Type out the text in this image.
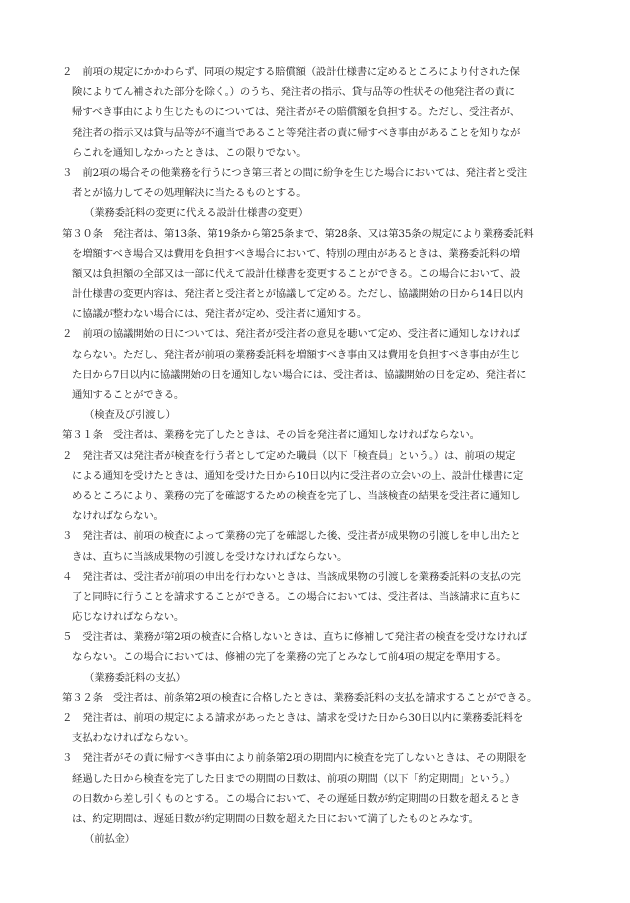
２　前項の規定にかかわらず、同項の規定する賠償額（設計仕様書に定めるところにより付された保
険によりてん補された部分を除く。）のうち、発注者の指示、貸与品等の性状その他発注者の責に
帰すべき事由により生じたものについては、発注者がその賠償額を負担する。ただし、受注者が、
発注者の指示又は貸与品等が不適当であること等発注者の責に帰すべき事由があることを知りなが
らこれを通知しなかったときは、この限りでない。
３　前2項の場合その他業務を行うにつき第三者との間に紛争を生じた場合においては、発注者と受注
者とが協力してその処理解決に当たるものとする。
（業務委託料の変更に代える設計仕様書の変更）
第３０条　発注者は、第13条、第19条から第25条まで、第28条、又は第35条の規定により業務委託料
を増額すべき場合又は費用を負担すべき場合において、特別の理由があるときは、業務委託料の増
額又は負担額の全部又は一部に代えて設計仕様書を変更することができる。この場合において、設
計仕様書の変更内容は、発注者と受注者とが協議して定める。ただし、協議開始の日から14日以内
に協議が整わない場合には、発注者が定め、受注者に通知する。
２　前項の協議開始の日については、発注者が受注者の意見を聴いて定め、受注者に通知しなければ
ならない。ただし、発注者が前項の業務委託料を増額すべき事由又は費用を負担すべき事由が生じ
た日から7日以内に協議開始の日を通知しない場合には、受注者は、協議開始の日を定め、発注者に
通知することができる。
（検査及び引渡し）
第３１条　受注者は、業務を完了したときは、その旨を発注者に通知しなければならない。
２　発注者又は発注者が検査を行う者として定めた職員（以下「検査員」という。）は、前項の規定
による通知を受けたときは、通知を受けた日から10日以内に受注者の立会いの上、設計仕様書に定
めるところにより、業務の完了を確認するための検査を完了し、当該検査の結果を受注者に通知し
なければならない。
３　発注者は、前項の検査によって業務の完了を確認した後、受注者が成果物の引渡しを申し出たと
きは、直ちに当該成果物の引渡しを受けなければならない。
４　発注者は、受注者が前項の申出を行わないときは、当該成果物の引渡しを業務委託料の支払の完
了と同時に行うことを請求することができる。この場合においては、受注者は、当該請求に直ちに
応じなければならない。
５　受注者は、業務が第2項の検査に合格しないときは、直ちに修補して発注者の検査を受けなければ
ならない。この場合においては、修補の完了を業務の完了とみなして前4項の規定を準用する。
（業務委託料の支払）
第３２条　受注者は、前条第2項の検査に合格したときは、業務委託料の支払を請求することができる。
２　発注者は、前項の規定による請求があったときは、請求を受けた日から30日以内に業務委託料を
支払わなければならない。
３　発注者がその責に帰すべき事由により前条第2項の期間内に検査を完了しないときは、その期限を
経過した日から検査を完了した日までの期間の日数は、前項の期間（以下「約定期間」という。）
の日数から差し引くものとする。この場合において、その遅延日数が約定期間の日数を超えるとき
は、約定期間は、遅延日数が約定期間の日数を超えた日において満了したものとみなす。
（前払金）
